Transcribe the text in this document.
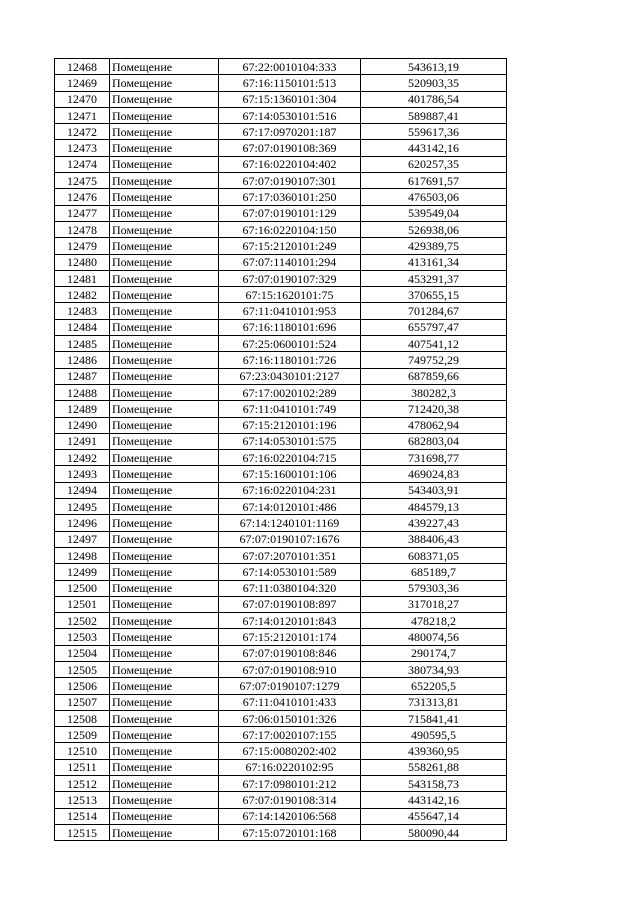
12468	Помещение	67:22:0010104:333	543613,19
12469	Помещение	67:16:1150101:513	520903,35
12470	Помещение	67:15:1360101:304	401786,54
12471	Помещение	67:14:0530101:516	589887,41
12472	Помещение	67:17:0970201:187	559617,36
12473	Помещение	67:07:0190108:369	443142,16
12474	Помещение	67:16:0220104:402	620257,35
12475	Помещение	67:07:0190107:301	617691,57
12476	Помещение	67:17:0360101:250	476503,06
12477	Помещение	67:07:0190101:129	539549,04
12478	Помещение	67:16:0220104:150	526938,06
12479	Помещение	67:15:2120101:249	429389,75
12480	Помещение	67:07:1140101:294	413161,34
12481	Помещение	67:07:0190107:329	453291,37
12482	Помещение	67:15:1620101:75	370655,15
12483	Помещение	67:11:0410101:953	701284,67
12484	Помещение	67:16:1180101:696	655797,47
12485	Помещение	67:25:0600101:524	407541,12
12486	Помещение	67:16:1180101:726	749752,29
12487	Помещение	67:23:0430101:2127	687859,66
12488	Помещение	67:17:0020102:289	380282,3
12489	Помещение	67:11:0410101:749	712420,38
12490	Помещение	67:15:2120101:196	478062,94
12491	Помещение	67:14:0530101:575	682803,04
12492	Помещение	67:16:0220104:715	731698,77
12493	Помещение	67:15:1600101:106	469024,83
12494	Помещение	67:16:0220104:231	543403,91
12495	Помещение	67:14:0120101:486	484579,13
12496	Помещение	67:14:1240101:1169	439227,43
12497	Помещение	67:07:0190107:1676	388406,43
12498	Помещение	67:07:2070101:351	608371,05
12499	Помещение	67:14:0530101:589	685189,7
12500	Помещение	67:11:0380104:320	579303,36
12501	Помещение	67:07:0190108:897	317018,27
12502	Помещение	67:14:0120101:843	478218,2
12503	Помещение	67:15:2120101:174	480074,56
12504	Помещение	67:07:0190108:846	290174,7
12505	Помещение	67:07:0190108:910	380734,93
12506	Помещение	67:07:0190107:1279	652205,5
12507	Помещение	67:11:0410101:433	731313,81
12508	Помещение	67:06:0150101:326	715841,41
12509	Помещение	67:17:0020107:155	490595,5
12510	Помещение	67:15:0080202:402	439360,95
12511	Помещение	67:16:0220102:95	558261,88
12512	Помещение	67:17:0980101:212	543158,73
12513	Помещение	67:07:0190108:314	443142,16
12514	Помещение	67:14:1420106:568	455647,14
12515	Помещение	67:15:0720101:168	580090,44
